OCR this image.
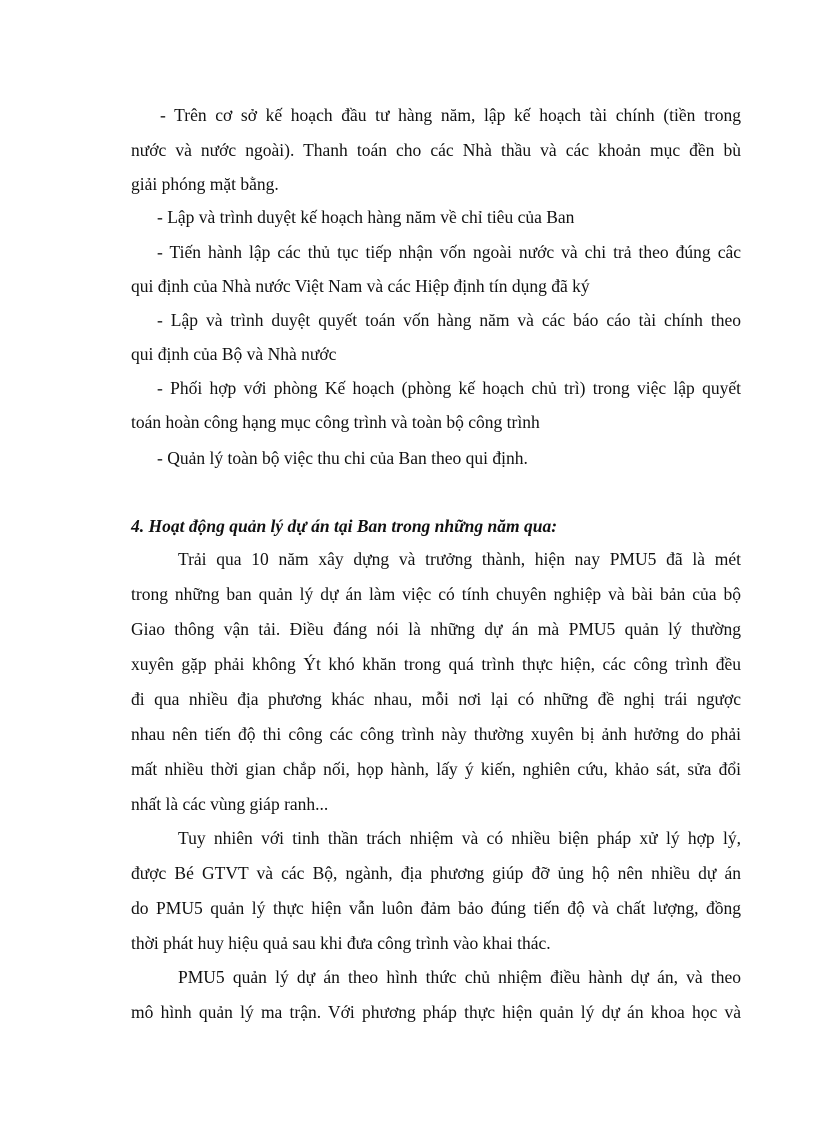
- Trên cơ sở kế hoạch đầu tư hàng năm, lập kế hoạch tài chính (tiền trong
nước và nước ngoài). Thanh toán cho các Nhà thầu và các khoản mục đền bù
giải phóng mặt bằng.
- Lập và trình duyệt kế hoạch hàng năm về chỉ tiêu của Ban
- Tiến hành lập các thủ tục tiếp nhận vốn ngoài nước và chi trả theo đúng câc
qui định của Nhà nước Việt Nam và các Hiệp định tín dụng đã ký
- Lập và trình duyệt quyết toán vốn hàng năm và các báo cáo tài chính theo
qui định của Bộ và Nhà nước
- Phối hợp với phòng Kế hoạch (phòng kế hoạch chủ trì) trong việc lập quyết
toán hoàn công hạng mục công trình và toàn bộ công trình
- Quản lý toàn bộ việc thu chi của Ban theo qui định.
4. Hoạt động quản lý dự án tại Ban trong những năm qua:
Trải qua 10 năm xây dựng và trưởng thành, hiện nay PMU5 đã là mét
trong những ban quản lý dự án làm việc có tính chuyên nghiệp và bài bản của bộ
Giao thông vận tải. Điều đáng nói là những dự án mà PMU5 quản lý thường
xuyên gặp phải không Ýt khó khăn trong quá trình thực hiện, các công trình đều
đi qua nhiều địa phương khác nhau, mỗi nơi lại có những đề nghị trái ngược
nhau nên tiến độ thi công các công trình này thường xuyên bị ảnh hưởng do phải
mất nhiều thời gian chắp nối, họp hành, lấy ý kiến, nghiên cứu, khảo sát, sửa đổi
nhất là các vùng giáp ranh...
Tuy nhiên với tinh thần trách nhiệm và có nhiều biện pháp xử lý hợp lý,
được Bé GTVT và các Bộ, ngành, địa phương giúp đỡ ủng hộ nên nhiều dự án
do PMU5 quản lý thực hiện vẫn luôn đảm bảo đúng tiến độ và chất lượng, đồng
thời phát huy hiệu quả sau khi đưa công trình vào khai thác.
PMU5 quản lý dự án theo hình thức chủ nhiệm điều hành dự án, và theo
mô hình quản lý ma trận. Với phương pháp thực hiện quản lý dự án khoa học và
